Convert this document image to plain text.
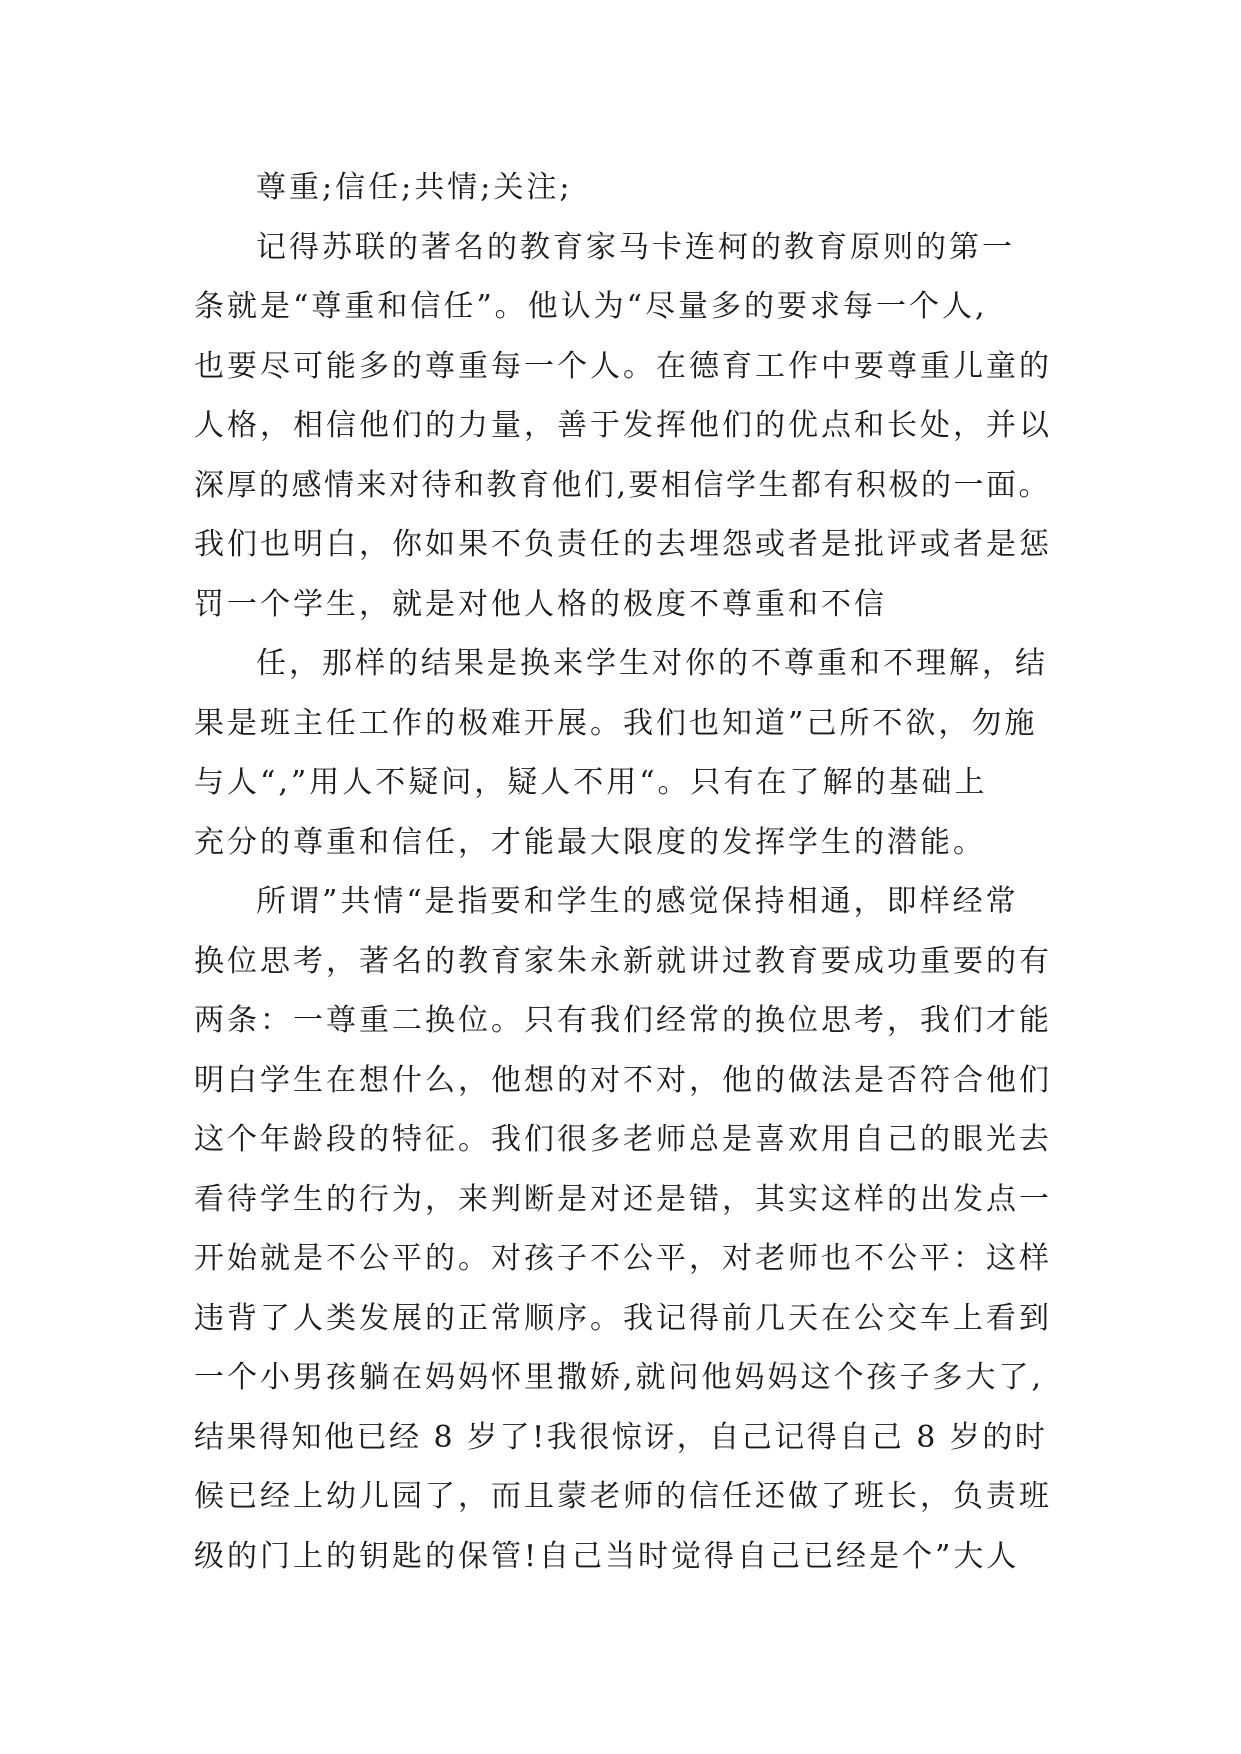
尊重;信任;共情;关注;
记得苏联的著名的教育家马卡连柯的教育原则的第一
条就是“尊重和信任”。他认为“尽量多的要求每一个人,
也要尽可能多的尊重每一个人。在德育工作中要尊重儿童的
人格，相信他们的力量，善于发挥他们的优点和长处，并以
深厚的感情来对待和教育他们,要相信学生都有积极的一面。
我们也明白，你如果不负责任的去埋怨或者是批评或者是惩
罚一个学生，就是对他人格的极度不尊重和不信
任，那样的结果是换来学生对你的不尊重和不理解，结
果是班主任工作的极难开展。我们也知道”己所不欲，勿施
与人“,”用人不疑问，疑人不用“。只有在了解的基础上
充分的尊重和信任，才能最大限度的发挥学生的潜能。
所谓”共情“是指要和学生的感觉保持相通，即样经常
换位思考，著名的教育家朱永新就讲过教育要成功重要的有
两条：一尊重二换位。只有我们经常的换位思考，我们才能
明白学生在想什么，他想的对不对，他的做法是否符合他们
这个年龄段的特征。我们很多老师总是喜欢用自己的眼光去
看待学生的行为，来判断是对还是错，其实这样的出发点一
开始就是不公平的。对孩子不公平，对老师也不公平：这样
违背了人类发展的正常顺序。我记得前几天在公交车上看到
一个小男孩躺在妈妈怀里撒娇,就问他妈妈这个孩子多大了,
结果得知他已经 8 岁了!我很惊讶，自己记得自己 8 岁的时
候已经上幼儿园了，而且蒙老师的信任还做了班长，负责班
级的门上的钥匙的保管!自己当时觉得自己已经是个”大人
